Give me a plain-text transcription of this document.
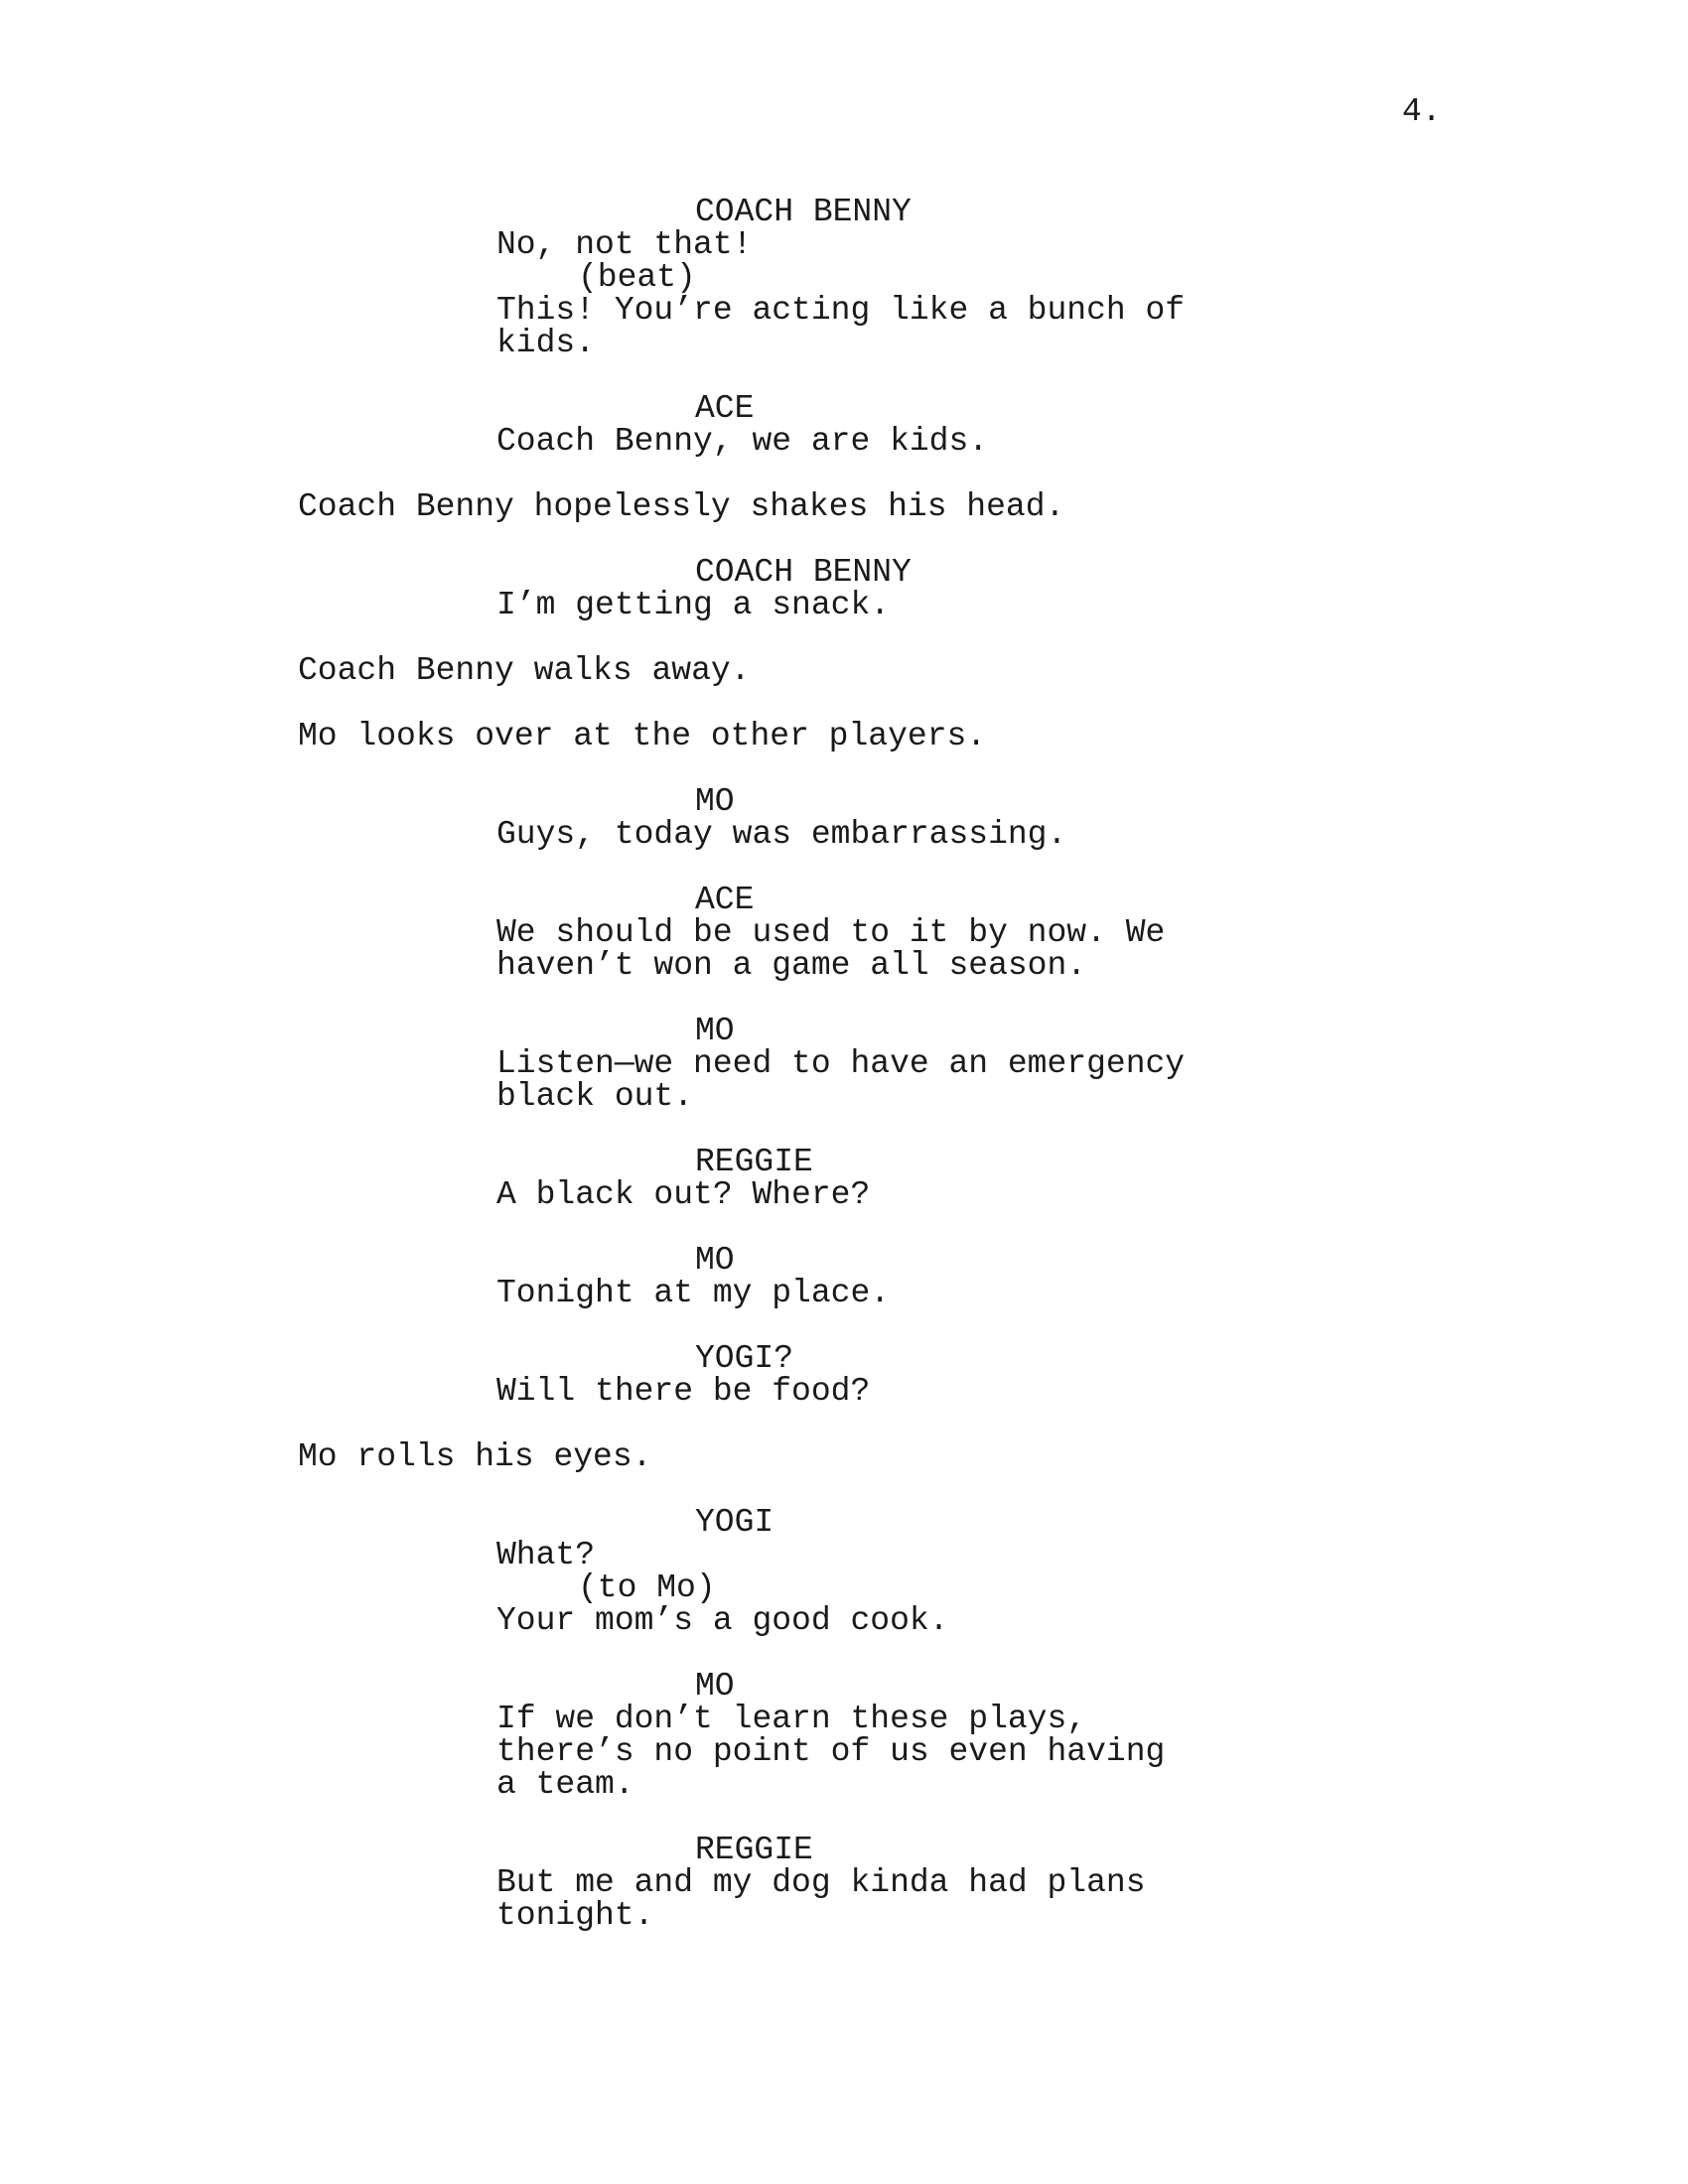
4.
COACH BENNY
No, not that!
(beat)
This! You’re acting like a bunch of
kids.
ACE
Coach Benny, we are kids.
Coach Benny hopelessly shakes his head.
COACH BENNY
I’m getting a snack.
Coach Benny walks away.
Mo looks over at the other players.
MO
Guys, today was embarrassing.
ACE
We should be used to it by now. We
haven’t won a game all season.
MO
Listen—we need to have an emergency
black out.
REGGIE
A black out? Where?
MO
Tonight at my place.
YOGI?
Will there be food?
Mo rolls his eyes.
YOGI
What?
(to Mo)
Your mom’s a good cook.
MO
If we don’t learn these plays,
there’s no point of us even having
a team.
REGGIE
But me and my dog kinda had plans
tonight.
